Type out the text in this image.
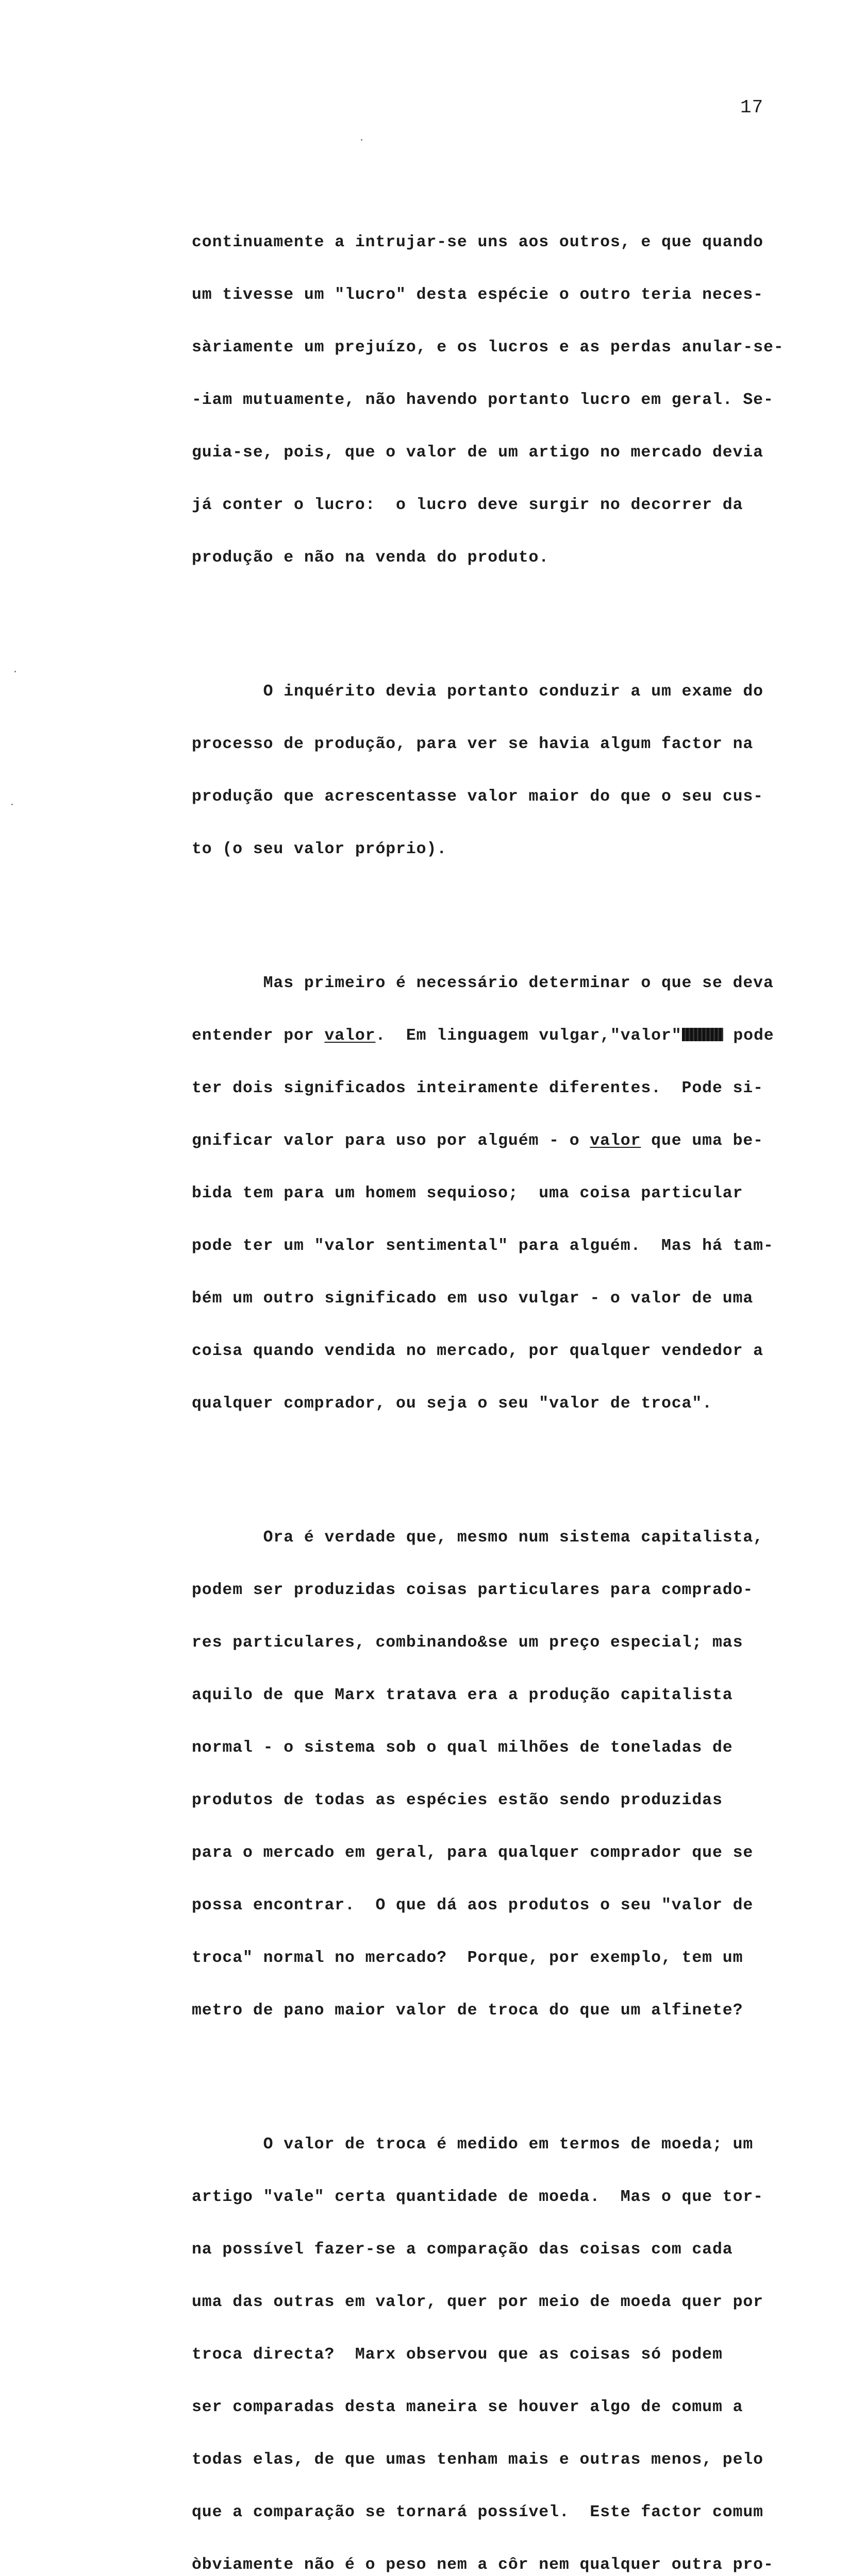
17

continuamente a intrujar-se uns aos outros, e que quando

um tivesse um "lucro" desta espécie o outro teria neces-

sàriamente um prejuízo, e os lucros e as perdas anular-se-

-iam mutuamente, não havendo portanto lucro em geral. Se-

guia-se, pois, que o valor de um artigo no mercado devia

já conter o lucro:  o lucro deve surgir no decorrer da

produção e não na venda do produto.

O inquérito devia portanto conduzir a um exame do

processo de produção, para ver se havia algum factor na

produção que acrescentasse valor maior do que o seu cus-

to (o seu valor próprio).

Mas primeiro é necessário determinar o que se deva

entender por valor.  Em linguagem vulgar,"valor"	pode

ter dois significados inteiramente diferentes.  Pode si-

gnificar valor para uso por alguém - o valor que uma be-

bida tem para um homem sequioso;  uma coisa particular

pode ter um "valor sentimental" para alguém.  Mas há tam-

bém um outro significado em uso vulgar - o valor de uma

coisa quando vendida no mercado, por qualquer vendedor a

qualquer comprador, ou seja o seu "valor de troca".

Ora é verdade que, mesmo num sistema capitalista,

podem ser produzidas coisas particulares para comprado-

res particulares, combinando&se um preço especial; mas

aquilo de que Marx tratava era a produção capitalista

normal - o sistema sob o qual milhões de toneladas de

produtos de todas as espécies estão sendo produzidas

para o mercado em geral, para qualquer comprador que se

possa encontrar.  O que dá aos produtos o seu "valor de

troca" normal no mercado?  Porque, por exemplo, tem um

metro de pano maior valor de troca do que um alfinete?

O valor de troca é medido em termos de moeda; um

artigo "vale" certa quantidade de moeda.  Mas o que tor-

na possível fazer-se a comparação das coisas com cada

uma das outras em valor, quer por meio de moeda quer por

troca directa?  Marx observou que as coisas só podem

ser comparadas desta maneira se houver algo de comum a

todas elas, de que umas tenham mais e outras menos, pelo

que a comparação se tornará possível.  Este factor comum

òbviamente não é o peso nem a côr nem qualquer outra pro-
